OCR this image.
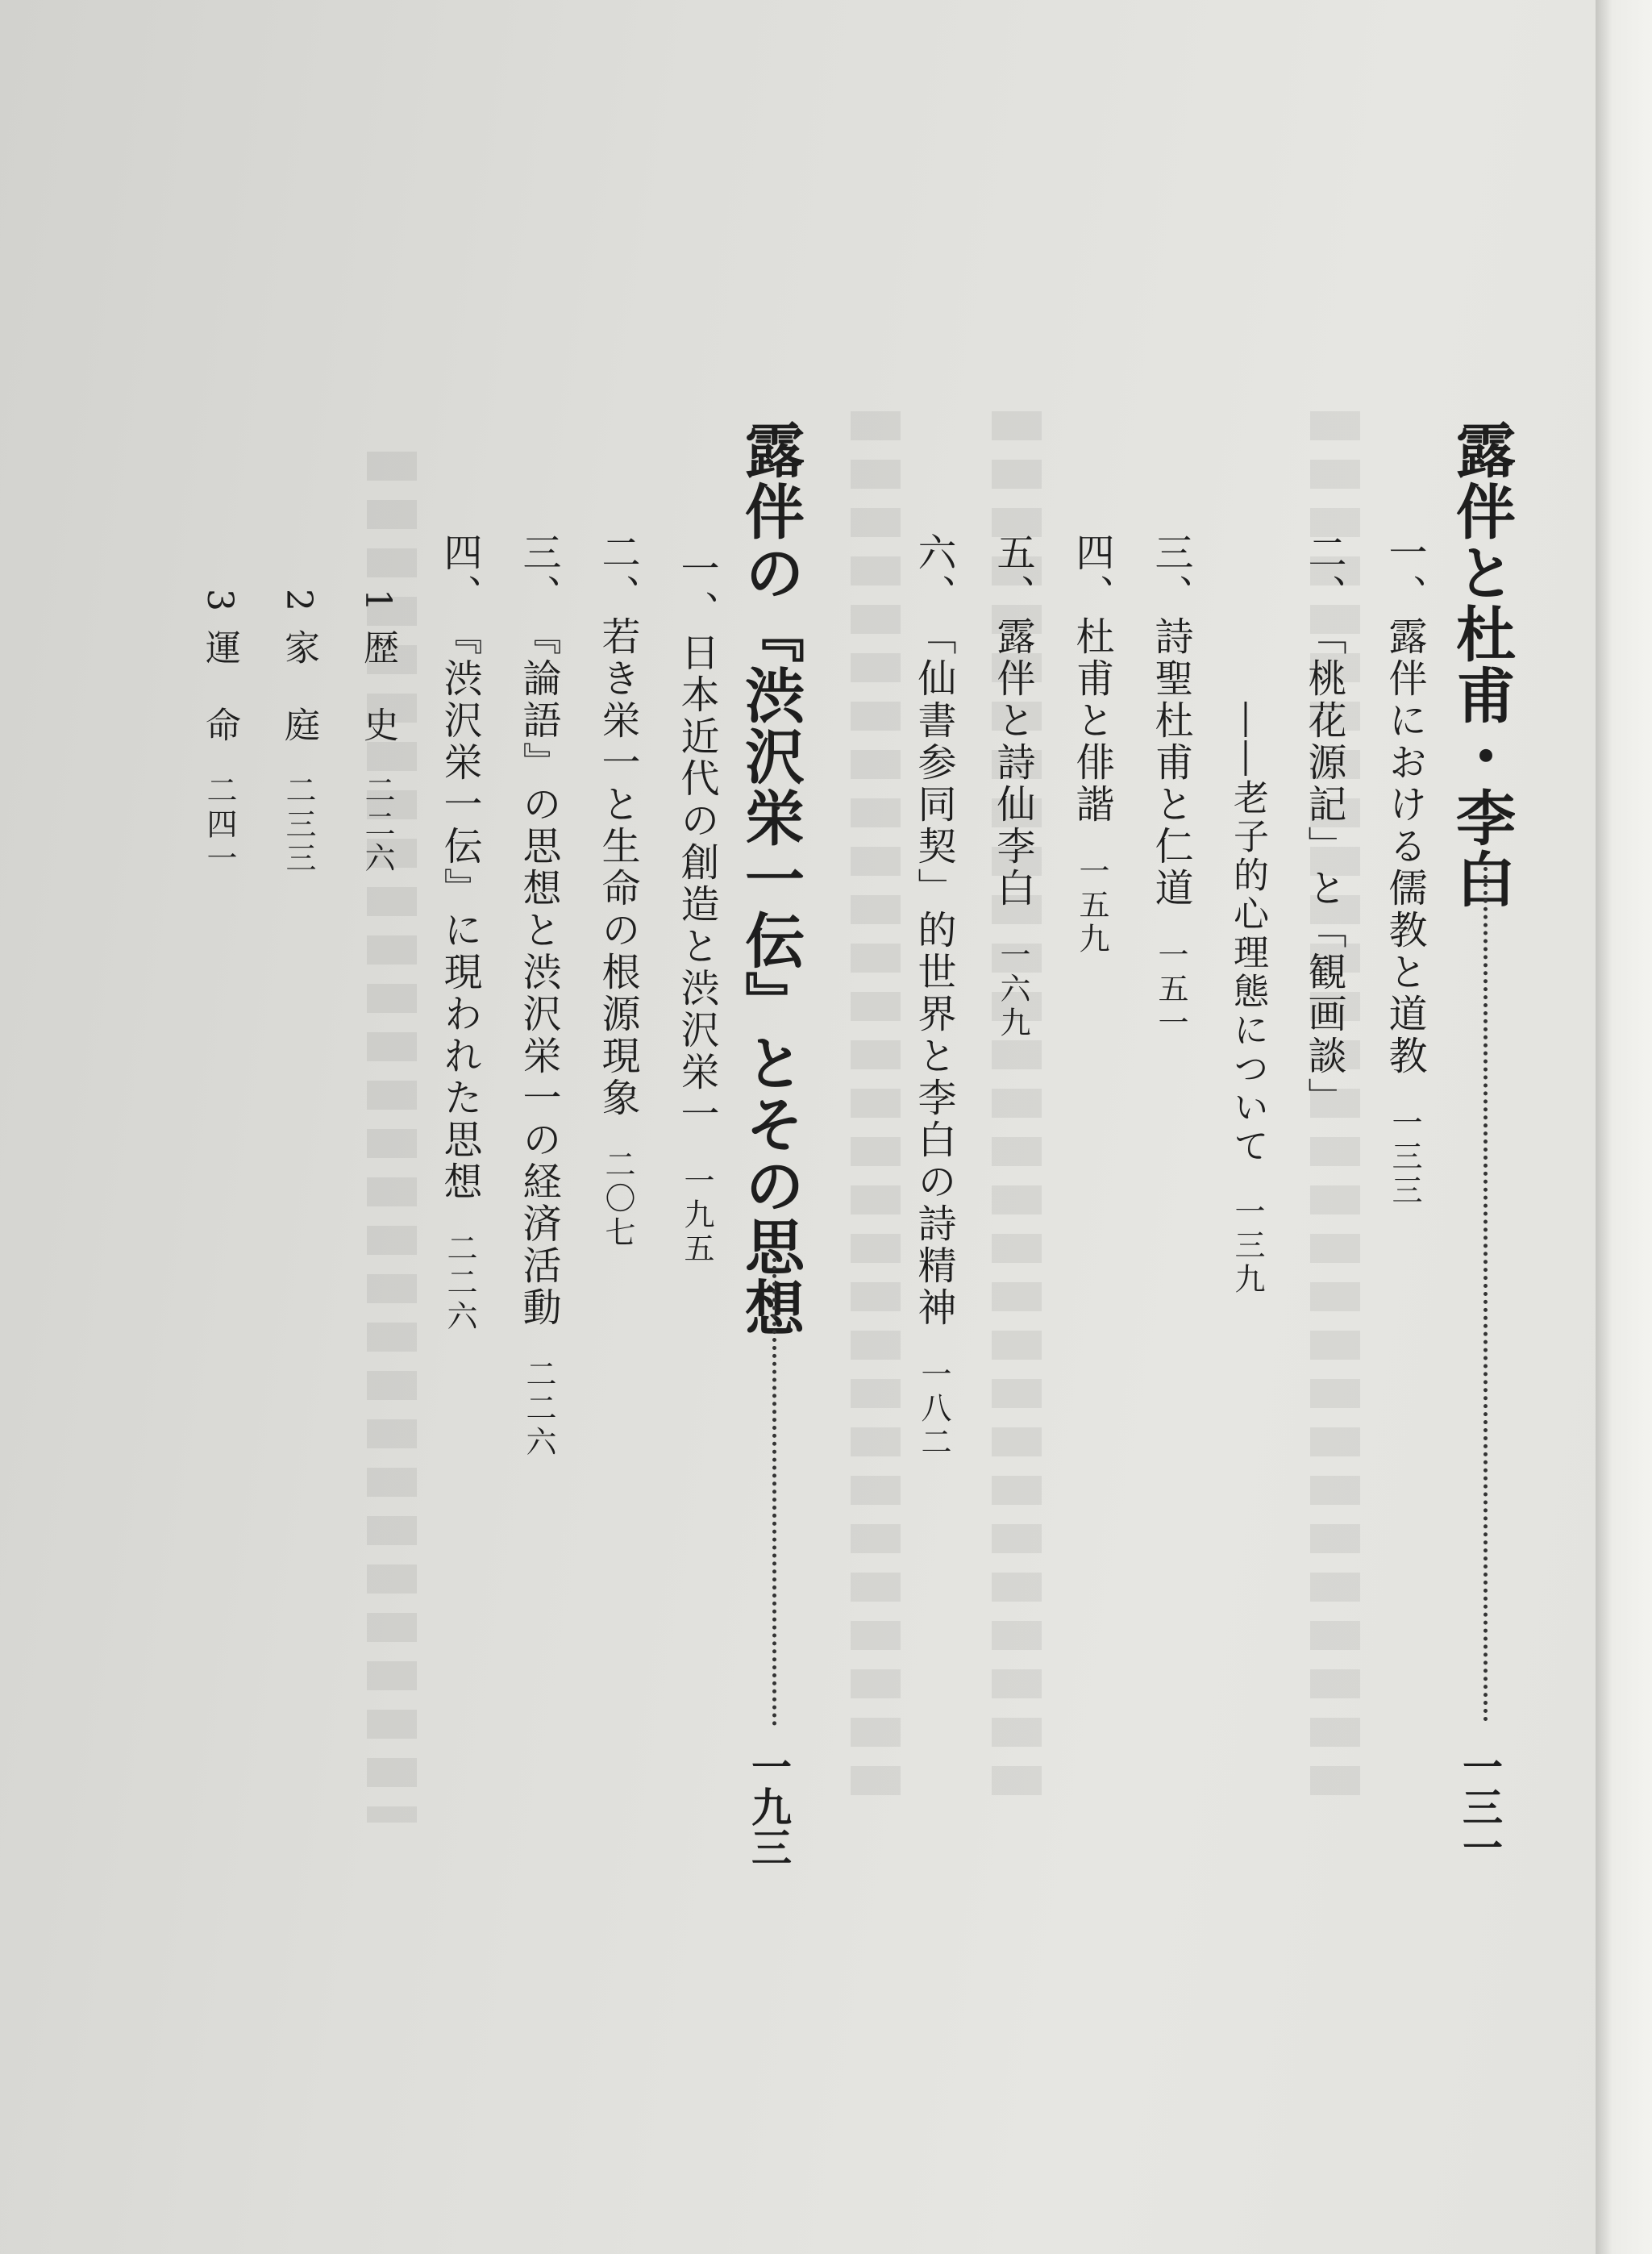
露伴と杜甫・李白
一三一
一、露伴における儒教と道教一三三
二、「桃花源記」と「観画談」
――老子的心理態について一三九
三、詩聖杜甫と仁道一五一
四、杜甫と俳諧一五九
五、露伴と詩仙李白一六九
六、「仙書参同契」的世界と李白の詩精神一八二
露伴の『渋沢栄一伝』とその思想
一九三
一、日本近代の創造と渋沢栄一一九五
二、若き栄一と生命の根源現象二〇七
三、『論語』の思想と渋沢栄一の経済活動二二六
四、『渋沢栄一伝』に現われた思想二二六
1 歴　史二二六
2 家　庭二三三
3 運　命二四一
